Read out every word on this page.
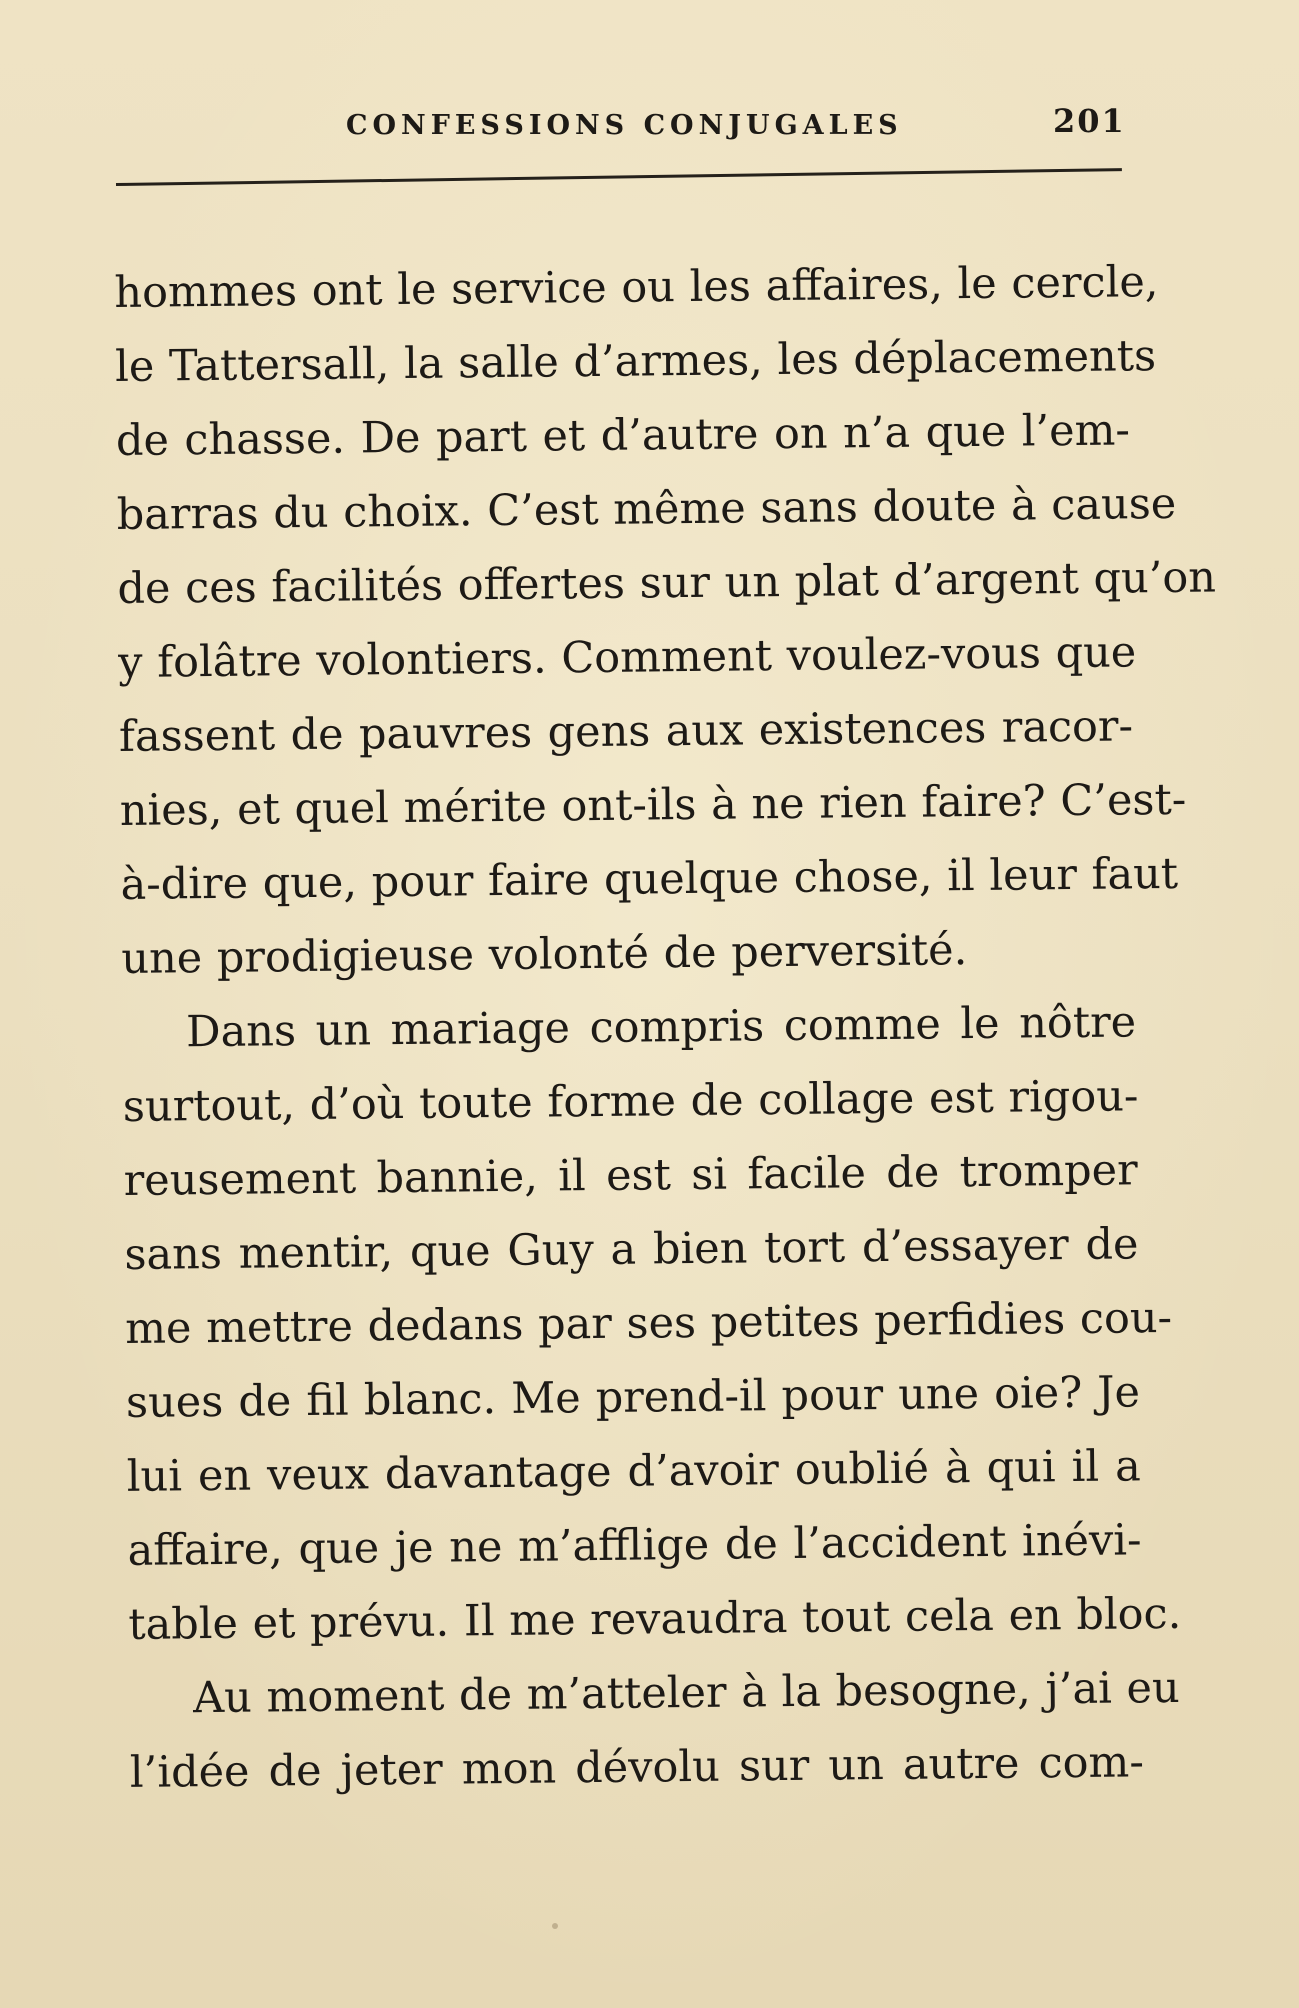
CONFESSIONS CONJUGALES	201
hommes ont le service ou les affaires, le cercle,
le Tattersall, la salle d’armes, les déplacements
de chasse. De part et d’autre on n’a que l’em-
barras du choix. C’est même sans doute à cause
de ces facilités offertes sur un plat d’argent qu’on
y folâtre volontiers. Comment voulez-vous que
fassent de pauvres gens aux existences racor-
nies, et quel mérite ont-ils à ne rien faire? C’est-
à-dire que, pour faire quelque chose, il leur faut
une prodigieuse volonté de perversité.
Dans un mariage compris comme le nôtre
surtout, d’où toute forme de collage est rigou-
reusement bannie, il est si facile de tromper
sans mentir, que Guy a bien tort d’essayer de
me mettre dedans par ses petites perfidies cou-
sues de fil blanc. Me prend-il pour une oie? Je
lui en veux davantage d’avoir oublié à qui il a
affaire, que je ne m’afflige de l’accident inévi-
table et prévu. Il me revaudra tout cela en bloc.
Au moment de m’atteler à la besogne, j’ai eu
l’idée de jeter mon dévolu sur un autre com-
